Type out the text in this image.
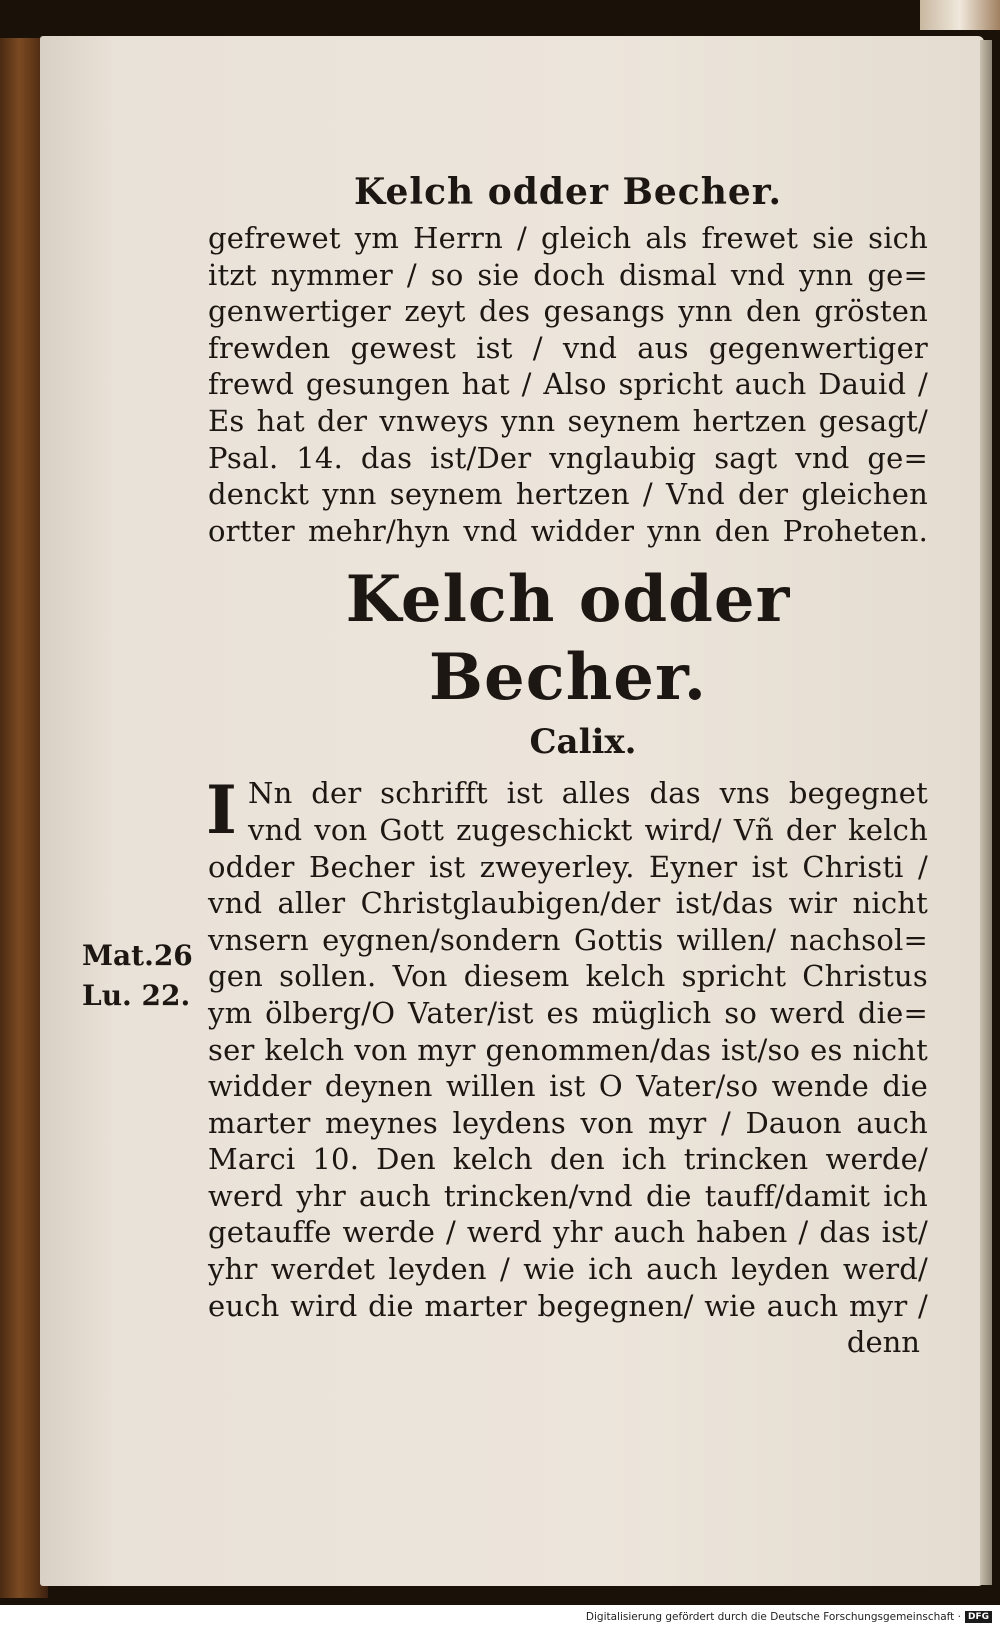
Kelch odder Becher.
gefrewet ym Herrn / gleich als frewet sie sich
itzt nymmer / so sie doch dismal vnd ynn ge=
genwertiger zeyt des gesangs ynn den grösten
frewden gewest ist / vnd aus gegenwertiger
frewd gesungen hat / Also spricht auch Dauid /
Es hat der vnweys ynn seynem hertzen gesagt/
Psal. 14. das ist/Der vnglaubig sagt vnd ge=
denckt ynn seynem hertzen / Vnd der gleichen
ortter mehr/hyn vnd widder ynn den Proheten.
Kelch odder Becher.
Calix.
I Nn der schrifft ist alles das vns begegnet
vnd von Gott zugeschickt wird/ Vñ der kelch
odder Becher ist zweyerley. Eyner ist Christi /
vnd aller Christglaubigen/der ist/das wir nicht
vnsern eygnen/sondern Gottis willen/ nachsol=
gen sollen. Von diesem kelch spricht Christus
ym ölberg/O Vater/ist es müglich so werd die=
ser kelch von myr genommen/das ist/so es nicht
widder deynen willen ist O Vater/so wende die
marter meynes leydens von myr / Dauon auch
Marci 10. Den kelch den ich trincken werde/
werd yhr auch trincken/vnd die tauff/damit ich
getauffe werde / werd yhr auch haben / das ist/
yhr werdet leyden / wie ich auch leyden werd/
euch wird die marter begegnen/ wie auch myr /
denn
Mat.26
Lu. 22.
Digitalisierung gefördert durch die Deutsche Forschungsgemeinschaft · DFG
